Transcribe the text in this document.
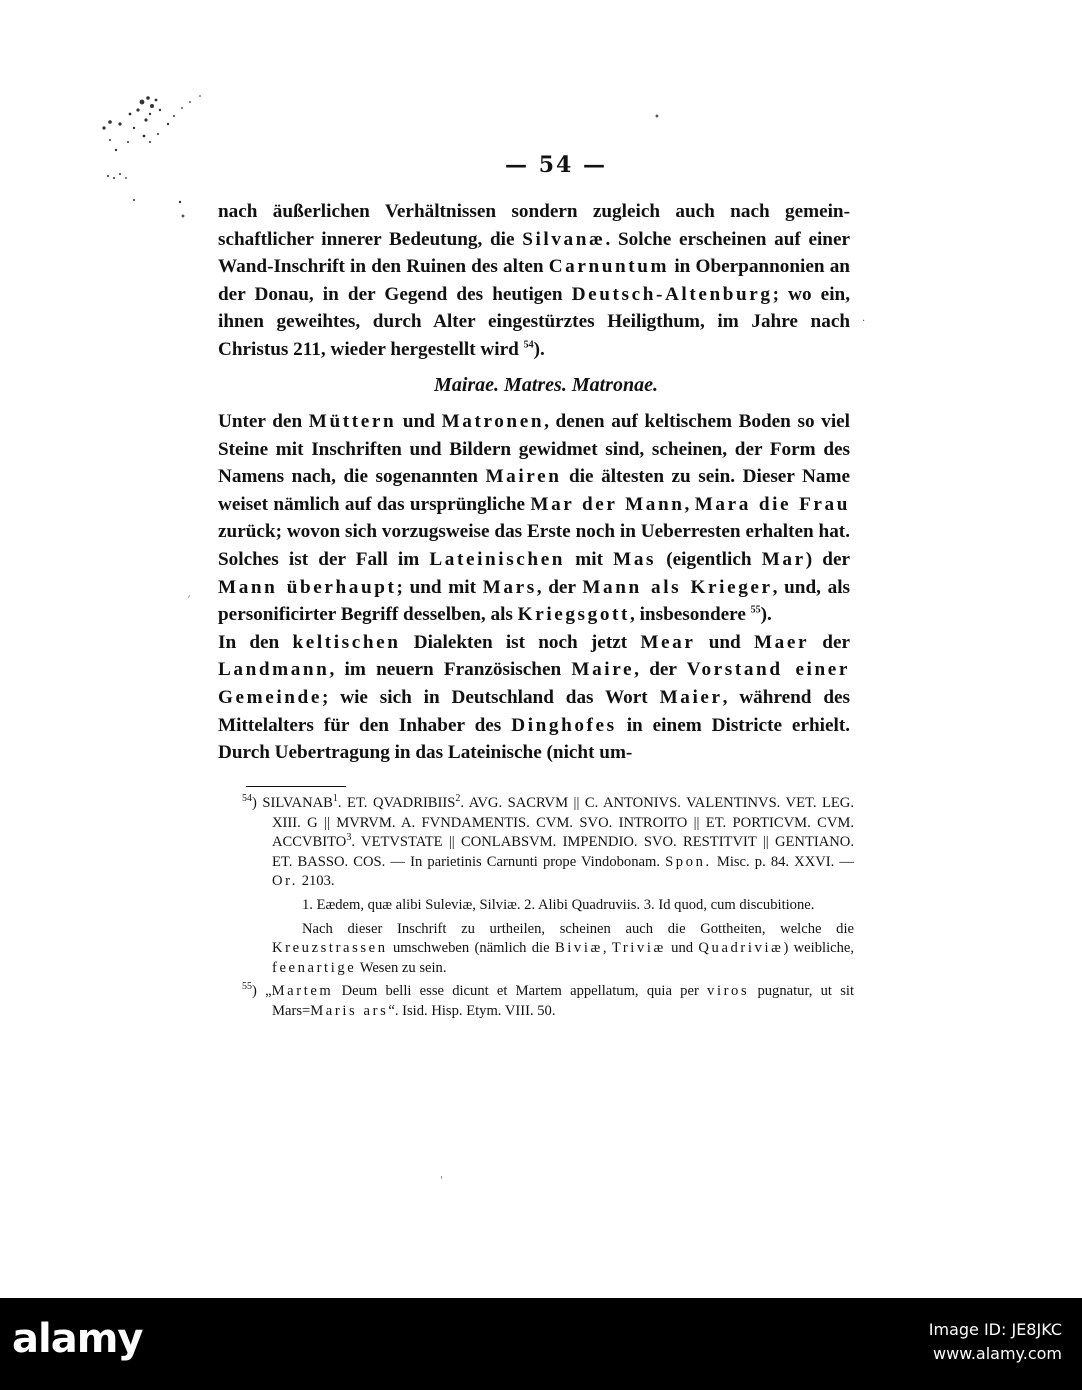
— 54 —

nach äußerlichen Verhältnissen sondern zugleich auch nach gemein- schaftlicher innerer Bedeutung, die Silvanæ. Solche erscheinen auf einer Wand-Inschrift in den Ruinen des alten Carnuntum in Oberpannonien an der Donau, in der Gegend des heutigen Deutsch-Altenburg; wo ein, ihnen geweihtes, durch Alter eingestürztes Heiligthum, im Jahre nach Christus 211, wieder hergestellt wird $^{54}$).

Mairae. Matres. Matronae.

Unter den Müttern und Matronen, denen auf keltischem Boden so viel Steine mit Inschriften und Bildern gewidmet sind, scheinen, der Form des Namens nach, die sogenannten Mairen die ältesten zu sein. Dieser Name weiset nämlich auf das ursprüngliche Mar der Mann, Mara die Frau zurück; wovon sich vorzugsweise das Erste noch in Ueberresten erhalten hat. Solches ist der Fall im Lateinischen mit Mas (eigentlich Mar) der Mann überhaupt; und mit Mars, der Mann als Krieger, und, als personificirter Begriff desselben, als Kriegsgott, insbesondere $^{55}$).

In den keltischen Dialekten ist noch jetzt Mear und Maer der Landmann, im neuern Französischen Maire, der Vorstand einer Gemeinde; wie sich in Deutschland das Wort Maier, während des Mittelalters für den Inhaber des Dinghofes in einem Districte erhielt. Durch Uebertragung in das Lateinische (nicht um-

$^{54}$) SILVANAB$^1$. ET. QVADRIBIIS$^2$. AVG. SACRVM || C. ANTONIVS. VALENTINVS. VET. LEG. XIII. G || MVRVM. A. FVNDAMENTIS. CVM. SVO. INTROITO || ET. PORTICVM. CVM. ACCVBITO$^3$. VETVSTATE || CONLABSVM. IMPENDIO. SVO. RESTITVIT || GENTIANO. ET. BASSO. COS. — In parietinis Carnunti prope Vindobonam. Spon. Misc. p. 84. XXVI. — Or. 2103.

1. Eædem, quæ alibi Suleviæ, Silviæ. 2. Alibi Quadruviis. 3. Id quod, cum discubitione.

Nach dieser Inschrift zu urtheilen, scheinen auch die Gottheiten, welche die Kreuzstrassen umschweben (nämlich die Biviæ, Triviæ und Quadriviæ) weibliche, feenartige Wesen zu sein.

$^{55}$) „Martem Deum belli esse dicunt et Martem appellatum, quia per viros pugnatur, ut sit Mars=Maris ars“. Isid. Hisp. Etym. VIII. 50.

•
·
ˊ
ˈ
•
alamy	Image ID: JE8JKC
www.alamy.com
